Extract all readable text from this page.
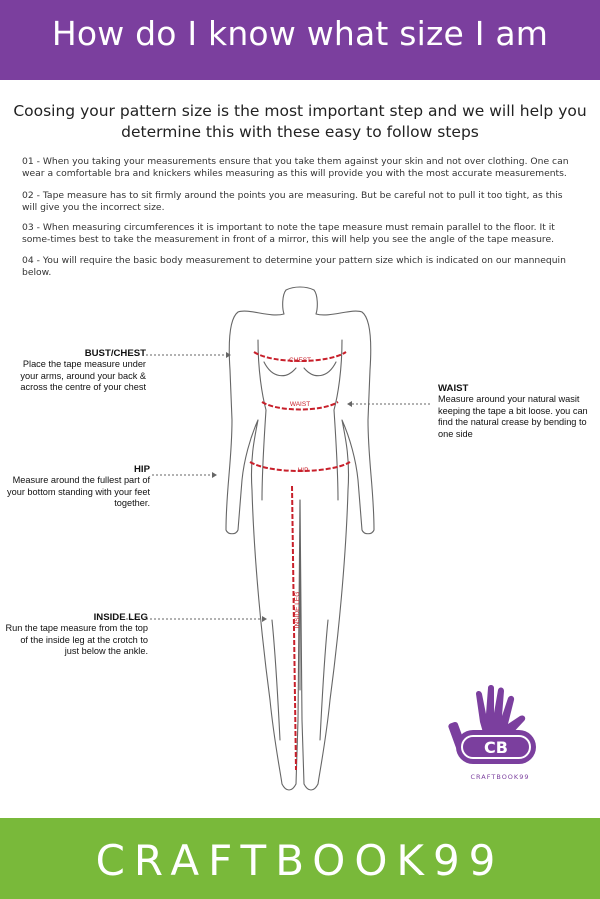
How do I know what size I am
Coosing your pattern size is the most important step and we will help you determine this with these easy to follow steps
01 - When you taking your measurements ensure that you take them against your skin and not over clothing. One can wear a comfortable bra and knickers whiles measuring as this will provide you with the most accurate measurements.
02 - Tape measure has to sit firmly around the points you are measuring. But be careful not to pull it too tight, as this will give you the incorrect size.
03 - When measuring circumferences it is important to note the tape measure must remain parallel to the floor. It it some-times best to take the measurement in front of a mirror, this will help you see the angle of the tape measure.
04 - You will require the basic body measurement to determine your pattern size which is indicated on our mannequin below.
CHEST
WAIST
HIP
INSIDE LEG
BUST/CHEST
Place the tape measure under your arms, around your back & across the centre of your chest	WAIST
Measure around your natural wasit keeping the tape a bit loose. you can find the natural crease by bending to one side
HIP
Measure around the fullest part of your bottom standing with your feet together.
INSIDE LEG
Run the tape measure from the top of the inside leg at the crotch to just below the ankle.
CB
CRAFTBOOK99
CRAFTBOOK99
